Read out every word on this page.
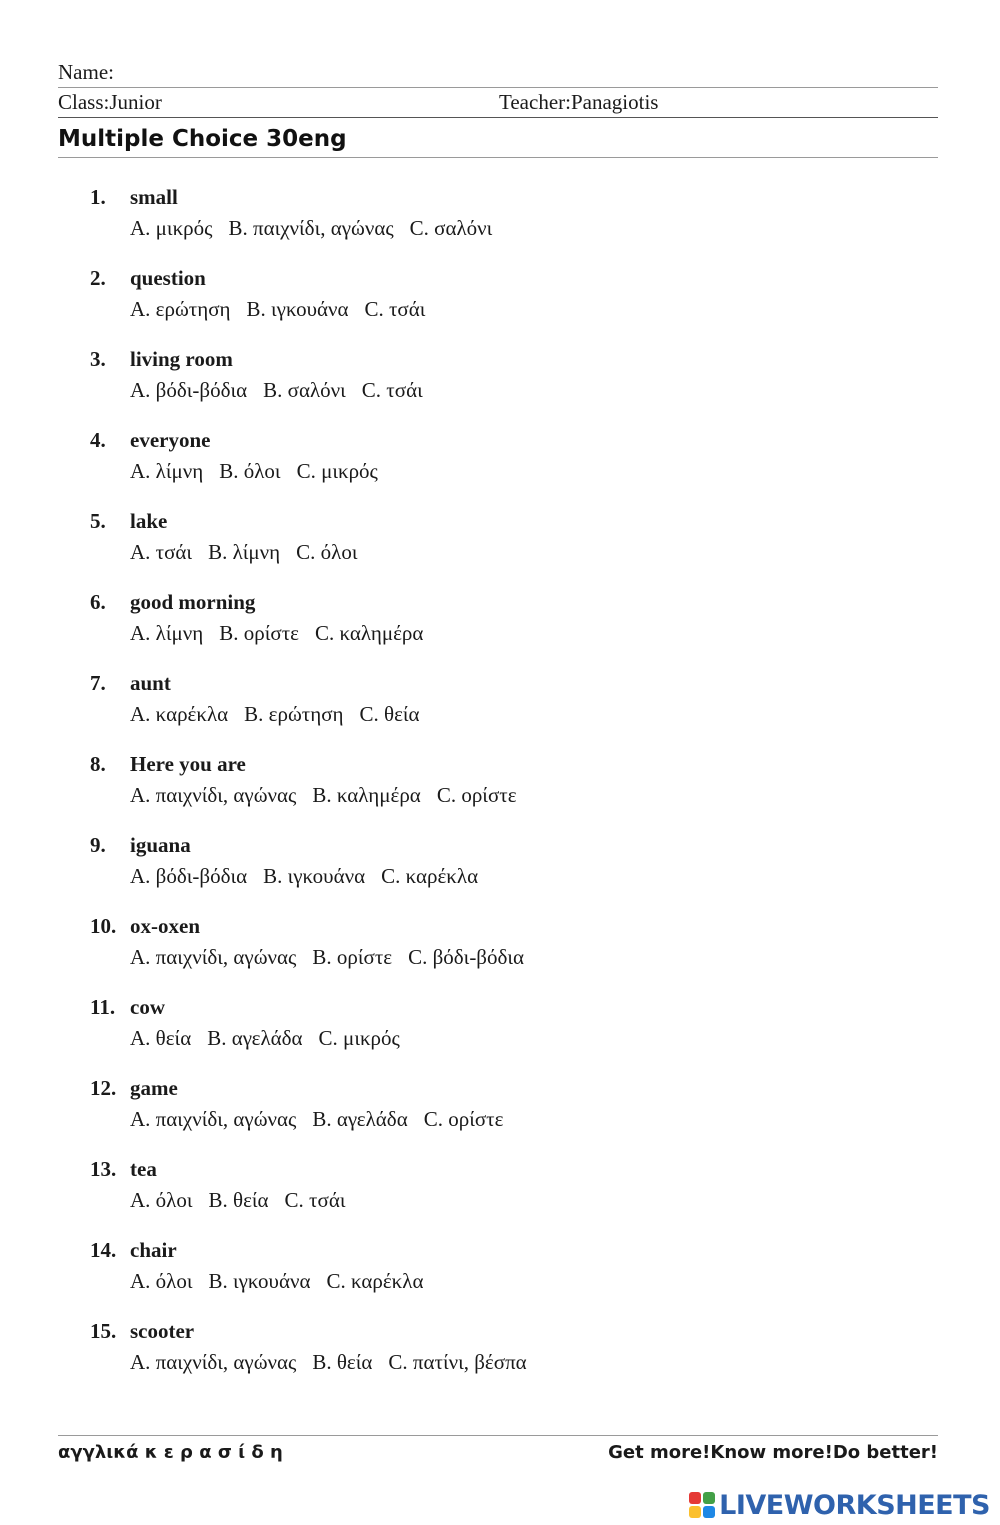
Name:
Class:Junior	Teacher:Panagiotis
Multiple Choice 30eng
1. small
A. μικρός B. παιχνίδι, αγώνας C. σαλόνι
2. question
A. ερώτηση B. ιγκουάνα C. τσάι
3. living room
A. βόδι-βόδια B. σαλόνι C. τσάι
4. everyone
A. λίμνη B. όλοι C. μικρός
5. lake
A. τσάι B. λίμνη C. όλοι
6. good morning
A. λίμνη B. ορίστε C. καλημέρα
7. aunt
A. καρέκλα B. ερώτηση C. θεία
8. Here you are
A. παιχνίδι, αγώνας B. καλημέρα C. ορίστε
9. iguana
A. βόδι-βόδια B. ιγκουάνα C. καρέκλα
10. ox-oxen
A. παιχνίδι, αγώνας B. ορίστε C. βόδι-βόδια
11. cow
A. θεία B. αγελάδα C. μικρός
12. game
A. παιχνίδι, αγώνας B. αγελάδα C. ορίστε
13. tea
A. όλοι B. θεία C. τσάι
14. chair
A. όλοι B. ιγκουάνα C. καρέκλα
15. scooter
A. παιχνίδι, αγώνας B. θεία C. πατίνι, βέσπα
αγγλικά κ ε ρ α σ ί δ η	Get more!Know more!Do better!
LIVEWORKSHEETS
